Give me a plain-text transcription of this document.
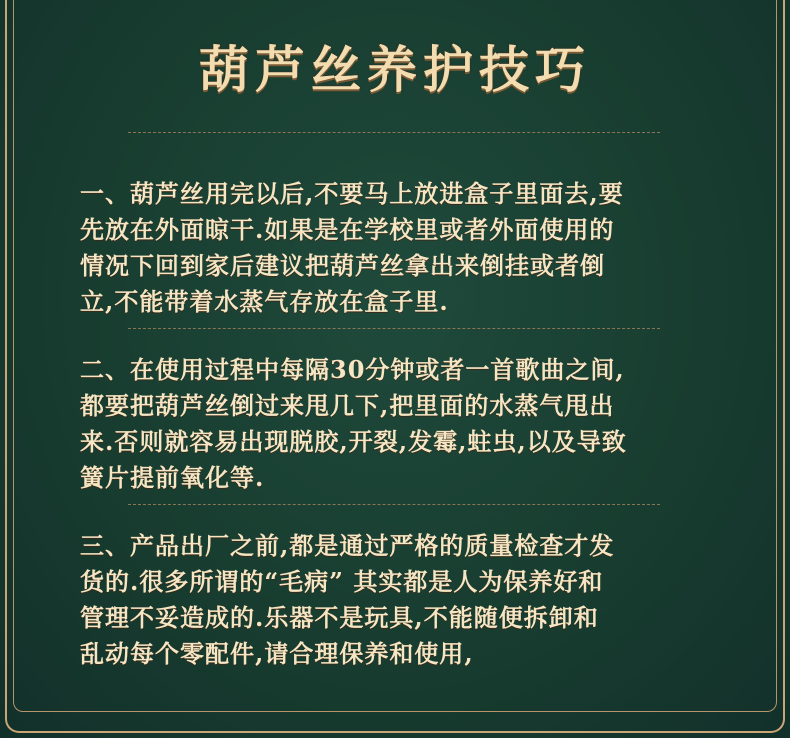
葫芦丝养护技巧
一、葫芦丝用完以后,不要马上放进盒子里面去,要
先放在外面晾干.如果是在学校里或者外面使用的
情况下回到家后建议把葫芦丝拿出来倒挂或者倒
立,不能带着水蒸气存放在盒子里.
二、在使用过程中每隔30分钟或者一首歌曲之间,
都要把葫芦丝倒过来甩几下,把里面的水蒸气甩出
来.否则就容易出现脱胶,开裂,发霉,蛀虫,以及导致
簧片提前氧化等.
三、产品出厂之前,都是通过严格的质量检查才发
货的.很多所谓的“毛病” 其实都是人为保养好和
管理不妥造成的.乐器不是玩具,不能随便拆卸和
乱动每个零配件,请合理保养和使用,
